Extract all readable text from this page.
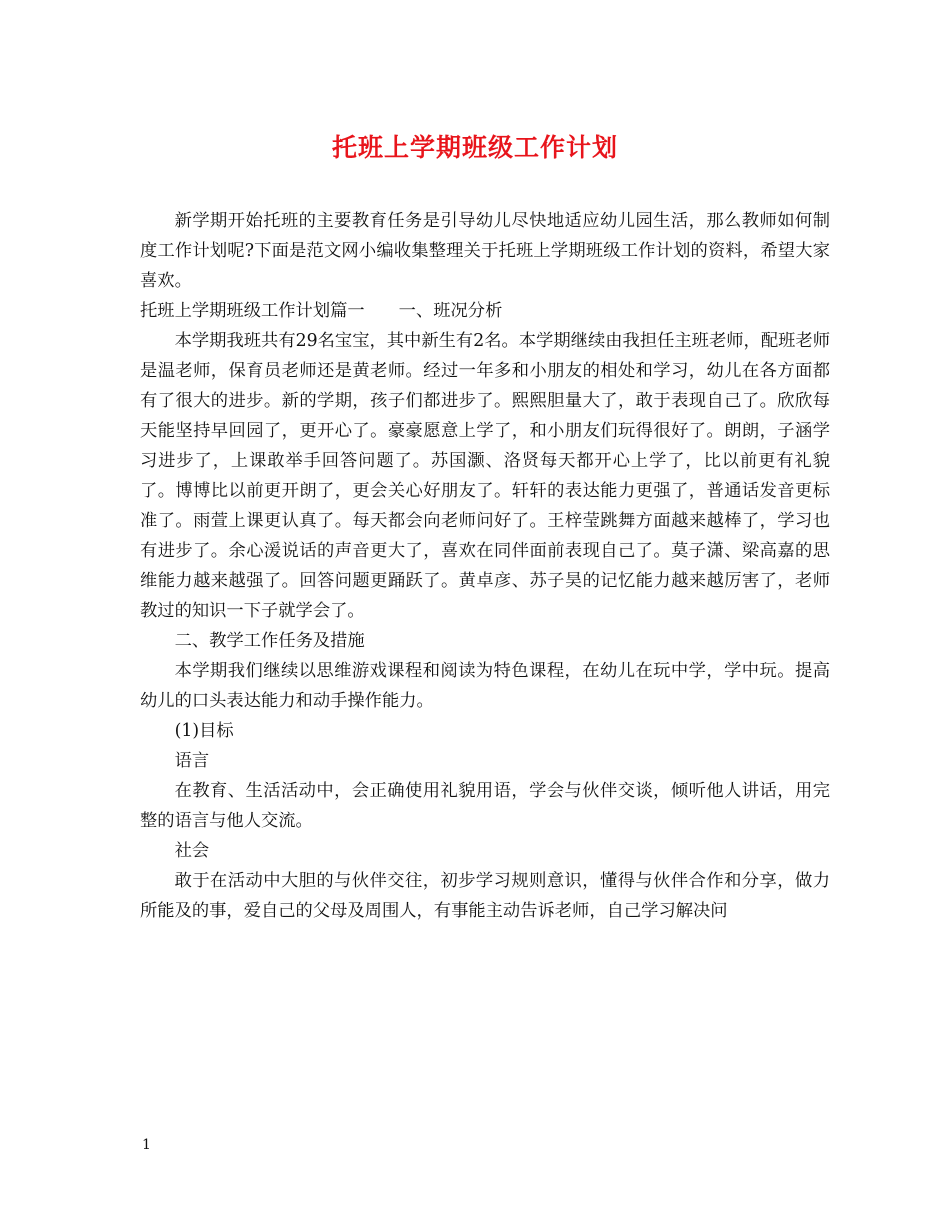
托班上学期班级工作计划

新学期开始托班的主要教育任务是引导幼儿尽快地适应幼儿园生活，那么教师如何制度工作计划呢?下面是范文网小编收集整理关于托班上学期班级工作计划的资料，希望大家喜欢。

托班上学期班级工作计划篇一 一、班况分析

本学期我班共有29名宝宝，其中新生有2名。本学期继续由我担任主班老师，配班老师是温老师，保育员老师还是黄老师。经过一年多和小朋友的相处和学习，幼儿在各方面都有了很大的进步。新的学期，孩子们都进步了。熙熙胆量大了，敢于表现自己了。欣欣每天能坚持早回园了，更开心了。豪豪愿意上学了，和小朋友们玩得很好了。朗朗，子涵学习进步了，上课敢举手回答问题了。苏国灏、洛贤每天都开心上学了，比以前更有礼貌了。博博比以前更开朗了，更会关心好朋友了。轩轩的表达能力更强了，普通话发音更标准了。雨萱上课更认真了。每天都会向老师问好了。王梓莹跳舞方面越来越棒了，学习也有进步了。余心湲说话的声音更大了，喜欢在同伴面前表现自己了。莫子潇、梁高嘉的思维能力越来越强了。回答问题更踊跃了。黄卓彦、苏子昊的记忆能力越来越厉害了，老师教过的知识一下子就学会了。

二、教学工作任务及措施

本学期我们继续以思维游戏课程和阅读为特色课程，在幼儿在玩中学，学中玩。提高幼儿的口头表达能力和动手操作能力。

(1)目标

语言

在教育、生活活动中，会正确使用礼貌用语，学会与伙伴交谈，倾听他人讲话，用完整的语言与他人交流。

社会

敢于在活动中大胆的与伙伴交往，初步学习规则意识，懂得与伙伴合作和分享，做力所能及的事，爱自己的父母及周围人，有事能主动告诉老师，自己学习解决问

1
